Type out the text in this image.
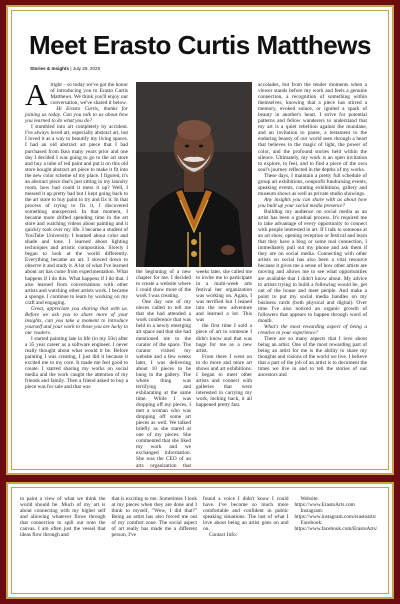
Meet Erasto Curtis Matthews
Stories & Insights | July 28, 2025

Alright – so today we've got the honor of introducing you to Erasto Curtis Matthews. We think you'll enjoy our conversation, we've shared it below.

Hi Erasto Curtis, thanks for joining us today. Can you talk to us about how you learned to do what you do?

I stumbled into art completely by accident. I've always loved art, especially abstract art, but I loved it as a way to beautify my living spaces. I had an old abstract art piece that I had purchased from Ikea many years prior and one day I decided I was going to go to the art store and buy a tube of red paint and put it on this old store bought abstract art piece to make it fit into the new color scheme of my place. I figured, it's an abstract piece that's just sitting in my laundry room, how bad could it mess it up? Well, I messed it up pretty bad but I kept going back to the art store to buy paint to try and fix it. In that process of trying to fix it, I discovered something unexpected. In that moment, I became more drifted spending time in the art store and watching videos about painting and it quickly took over my life. I became a student of YouTube University. I learned about color and shade and tone. I learned about lighting techniques and artistic composition. Slowly I began to look at the world differently. Everything became an art. I slowed down to observe it and study it. A lot of what I've learned about art has come from experimentation. What happens if I do this. What happens if I do that. I also learned from conversations with other artists and watching other artists work. I became a sponge. I continue to learn by working on my craft and engaging.

Great, appreciate you sharing that with us. Before we ask you to share more of your insights, can you take a moment to introduce yourself and your work to those you are lucky to our readers.

I started painting late in life (in my 50s) after a 35 year career as a software engineer. I never really thought about what would it be. Before painting I was creating, I just did it because it excited me to my core. It made me feel good to create. I started sharing my works on social media and the work caught the attention of my friends and family. Then a friend asked to buy a piece was for sale and that was

the beginning of a new chapter for me. I decided to create a website where I could show more of the work I was creating.

One day one of my nieces called to tell me that she had attended a work conference that was held in a newly emerging art space and that she had mentioned me to the curator of the space. The curator visited my website and a few weeks later, I was delivering about 10 pieces to be hung in the gallery. The whole thing was terrifying and exhilarating at the same time. While I was dropping off my pieces, I met a woman who was dropping off some art pieces as well. We talked briefly as she stared at one of my pieces. She commented that she liked my work and we exchanged information. She was the CEO of an arts organization that

weeks later, she called me to invite me to participate in a multi-week arts festival her organization was working on. Again, I was terrified but I leaned into the new adventure and learned a lot. This was

the first time I sold a piece of art to someone I didn't know and that was huge for me as a new artist.

From there I went on to do more and more art shows and art exhibitions. I began to meet other artists and connect with galleries that were interested in carrying my work, locking back, it all happened pretty fast.

accolades, but from the tender moments when a viewer stands before my work and feels a genuine connection, a recognition of something within themselves, knowing that a piece has stirred a memory, evoked solace, or ignited a spark of beauty in another's heart. I strive for potential patterns and fellow wanderers to understand that my art is a quiet rebellion against the mundane, and an invitation to pause, a testament to the enduring beauty of our world seen through a heart that believes in the magic of light, the power of color, and the profound stories held within the silence. Ultimately, my work is an open invitation to explore, to feel, and to find a piece of the own soul's journey reflected in the depths of my works.

These days, I maintain a pretty full schedule of group art exhibitions, nonprofit fundraising events, speaking events, curating exhibitions, gallery and museum shows as well as private studio showings.

Any insights you can share with us about how you built up your social media presence?

Building my audience on social media as an artist has been a gradual process. It's required me to take advantage of every opportunity to connect with people interested in art. If I talk to someone at an art show, opening reception or festival and learn that they have a blog or some real connection, I immediately pull out my phone and ask them if they are on social media. Connecting with other artists on social has also been a vital resource because it gives me a sense of how other artists are moving and allows me to see what opportunities are available that I didn't know about. My advice to artists trying to build a following would be, get out of the house and meet people. And make a point to put my social media handles on my business cards (both physical and digital). Over time I've also noticed an organic growth of followers that appears to happen through word of mouth.

What's the most rewarding aspect of being a creative in your experience?

There are so many aspects that I love about being an artist. One of the most rewarding part of being an artist for me is the ability to share my thoughts and visions of the world we live. I believe that a part of the job of an artist is to document the times we live in and to tell the stories of our ancestors and

to paint a view of what we think the world should be. Much of my art is about connecting with my higher self and allowing whatever flows through that connection to spill out onto the canvas. I am often just the vessel that ideas flow through and

that is exciting to me. Sometimes I look at my pieces when they are done and I think to myself, "Wow, I did that?" Being an artist has also forced me out of my comfort zone. The social aspect of art really has made me a different person, I've

found a voice I didn't know I could have. I've become so much more comfortable and confident in public speaking situations. The last of what I love about being an artist goes on and on.

Contact Info:

Website: https://www.ErastoArts.com

Instagram: https://www.instagram.com/erastoarts/

Facebook: https://www.facebook.com/ErastoArts/
